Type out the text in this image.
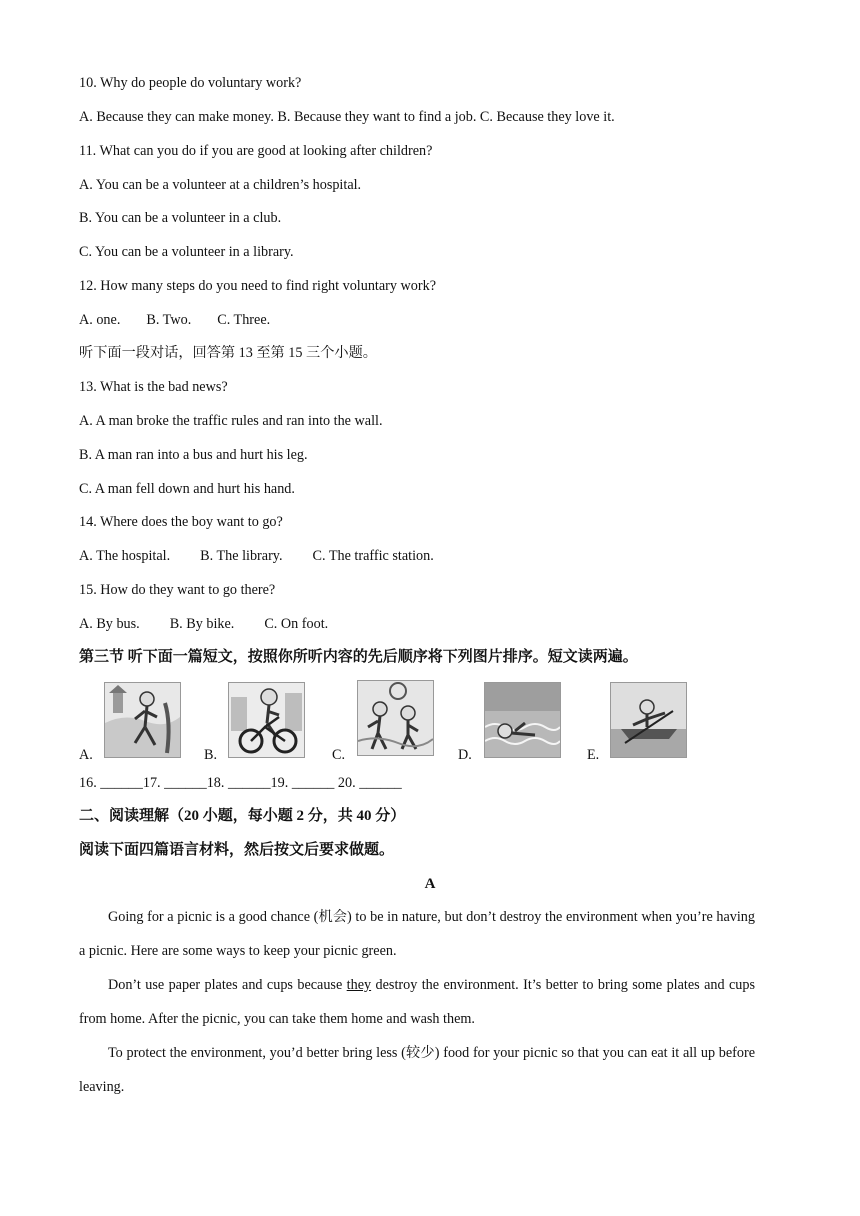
10. Why do people do voluntary work?
A. Because they can make money. B. Because they want to find a job. C. Because they love it.
11. What can you do if you are good at looking after children?
A. You can be a volunteer at a children’s hospital.
B. You can be a volunteer in a club.
C. You can be a volunteer in a library.
12. How many steps do you need to find right voluntary work?
A. one. B. Two. C. Three.
听下面一段对话，回答第 13 至第 15 三个小题。
13. What is the bad news?
A. A man broke the traffic rules and ran into the wall.
B. A man ran into a bus and hurt his leg.
C. A man fell down and hurt his hand.
14. Where does the boy want to go?
A. The hospital. B. The library. C. The traffic station.
15. How do they want to go there?
A. By bus. B. By bike. C. On foot.
第三节 听下面一篇短文，按照你所听内容的先后顺序将下列图片排序。短文读两遍。
A.	B.	C.	D.	E.
16. ______17. ______18. ______19. ______ 20. ______
二、阅读理解（20 小题，每小题 2 分，共 40 分）
阅读下面四篇语言材料，然后按文后要求做题。
A
Going for a picnic is a good chance (机会) to be in nature, but don’t destroy the environment when you’re having a picnic. Here are some ways to keep your picnic green.
Don’t use paper plates and cups because they destroy the environment. It’s better to bring some plates and cups from home. After the picnic, you can take them home and wash them.
To protect the environment, you’d better bring less (较少) food for your picnic so that you can eat it all up before leaving.
